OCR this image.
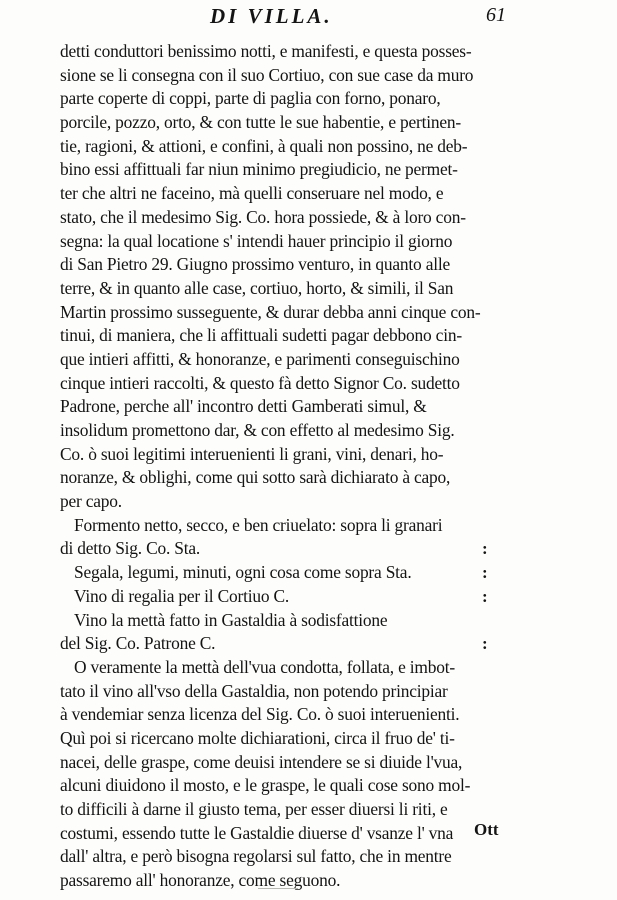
DI VILLA.	61
detti conduttori benissimo notti, e manifesti, e questa posses-
sione se li consegna con il suo Cortiuo, con sue case da muro
parte coperte di coppi, parte di paglia con forno, ponaro,
porcile, pozzo, orto, & con tutte le sue habentie, e pertinen-
tie, ragioni, & attioni, e confini, à quali non possino, ne deb-
bino essi affittuali far niun minimo pregiudicio, ne permet-
ter che altri ne faceino, mà quelli conseruare nel modo, e
stato, che il medesimo Sig. Co. hora possiede, & à loro con-
segna: la qual locatione s' intendi hauer principio il giorno
di San Pietro 29. Giugno prossimo venturo, in quanto alle
terre, & in quanto alle case, cortiuo, horto, & simili, il San
Martin prossimo susseguente, & durar debba anni cinque con-
tinui, di maniera, che li affittuali sudetti pagar debbono cin-
que intieri affitti, & honoranze, e parimenti conseguischino
cinque intieri raccolti, & questo fà detto Signor Co. sudetto
Padrone, perche all' incontro detti Gamberati simul, &
insolidum promettono dar, & con effetto al medesimo Sig.
Co. ò suoi legitimi interuenienti li grani, vini, denari, ho-
noranze, & oblighi, come qui sotto sarà dichiarato à capo,
per capo.
Formento netto, secco, e ben criuelato: sopra li granari
di detto Sig. Co. Sta.	:
Segala, legumi, minuti, ogni cosa come sopra Sta.	:
Vino di regalia per il Cortiuo C.	:
Vino la mettà fatto in Gastaldia à sodisfattione
del Sig. Co. Patrone C.	:
O veramente la mettà dell'vua condotta, follata, e imbot-
tato il vino all'vso della Gastaldia, non potendo principiar
à vendemiar senza licenza del Sig. Co. ò suoi interuenienti.
Quì poi si ricercano molte dichiarationi, circa il fruo de' ti-
nacei, delle graspe, come deuisi intendere se si diuide l'vua,
alcuni diuidono il mosto, e le graspe, le quali cose sono mol-
to difficili à darne il giusto tema, per esser diuersi li riti, e
costumi, essendo tutte le Gastaldie diuerse d' vsanze l' vna
dall' altra, e però bisogna regolarsi sul fatto, che in mentre
passaremo all' honoranze, come seguono.
Ott
